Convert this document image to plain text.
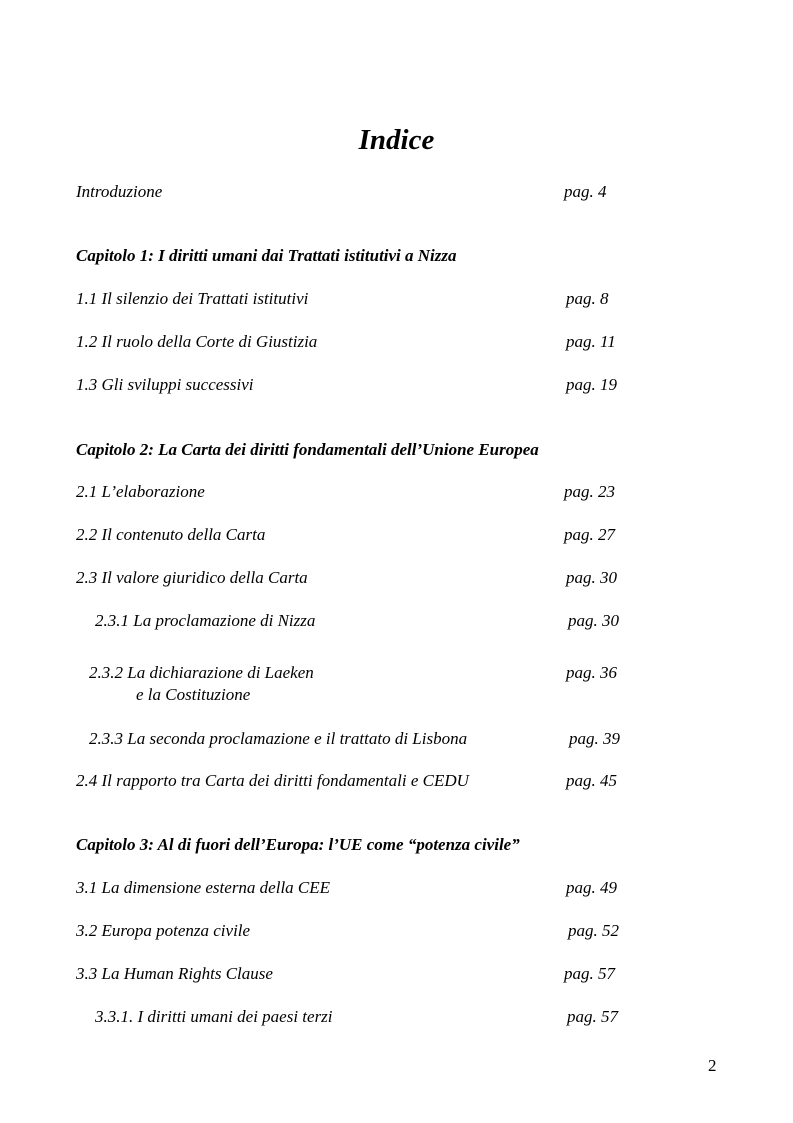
Indice
Introduzione	pag. 4
Capitolo 1: I diritti umani dai Trattati istitutivi a Nizza
1.1 Il silenzio dei Trattati istitutivi	pag. 8
1.2 Il ruolo della Corte di Giustizia	pag. 11
1.3 Gli sviluppi successivi	pag. 19
Capitolo 2: La Carta dei diritti fondamentali dell’Unione Europea
2.1 L’elaborazione	pag. 23
2.2 Il contenuto della Carta	pag. 27
2.3 Il valore giuridico della Carta	pag. 30
2.3.1 La proclamazione di Nizza	pag. 30
2.3.2 La dichiarazione di Laeken	pag. 36
e la Costituzione
2.3.3 La seconda proclamazione e il trattato di Lisbona	pag. 39
2.4 Il rapporto tra Carta dei diritti fondamentali e CEDU	pag. 45
Capitolo 3: Al di fuori dell’Europa: l’UE come “potenza civile”
3.1 La dimensione esterna della CEE	pag. 49
3.2 Europa potenza civile	pag. 52
3.3 La Human Rights Clause	pag. 57
3.3.1. I diritti umani dei paesi terzi	pag. 57
2
